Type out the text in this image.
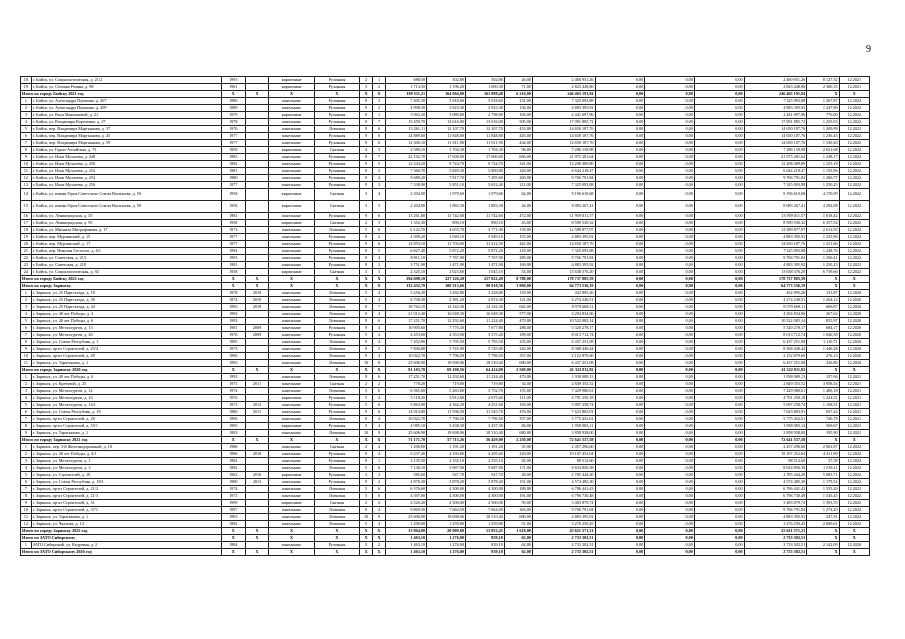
9
18	г. Бийск, ул. Социалистическая, д. 21/2	1993		кирпичные	Рулонная	2	1	688,50	302,80	302,80	26,00	2 460 951,26	0,00	0,00	0,00	2 460 951,26	8 127,32	12.2021
19	г. Бийск, ул. Степана Разина, д. 98	1961		кирпичные	Рулонная	3	2	1 714,50	1 196,20	1 000,30	71,00	2 823 448,86	0,00	0,00	0,00	2 823 448,86	2 360,35	12.2021
Итого по городу Бийску 2021 год		Х	Х	Х	Х	Х	Х	199 511,21	164 004,00	161 888,40	6 216,00	246 465 191,84	0,00	0,00	0,00	246 465 191,84	Х	Х
1	г. Бийск, ул. Александра Пушкина, д. 207	1989		панельные	Рулонная	9	3	7 405,30	5 918,60	5 918,60	231,00	7 325 093,88	0,00	0,00	0,00	7 325 093,88	1 267,87	12.2022
2	г. Бийск, ул. Александра Пушкина, д. 209	1989		панельные	Рулонная	9	2	4 998,30	3 923,30	3 923,30	156,00	4 883 395,92	0,00	0,00	0,00	4 883 395,92	1 247,99	12.2022
3	г. Бийск, ул. Васи Максимовой, д. 21	1979		кирпичные	Рулонная	9	1	3 963,20	3 089,80	2 798,80	104,00	2 441 697,96	0,00	0,00	0,00	2 441 697,96	776,00	12.2022
4	г. Бийск, ул. Владимира Короленко, д. 27	1978		панельные	Рулонная	9	7	15 459,70	13 616,00	13 616,00	505,00	17 091 885,72	0,00	0,00	0,00	17 091 885,72	1 255,03	12.2022
5	г. Бийск, пер. Владимира Мартьянова, д. 37	1976		панельные	Лотковая	9	6	13 261,11	12 107,70	12 107,70	453,00	14 650 187,76	0,00	0,00	0,00	14 650 187,76	1 209,99	12.2022
6	г. Бийск, пер. Владимира Мартьянова, д. 45	1977		панельные	Рулонная	9	6	14 889,60	11 848,80	11 848,80	445,00	14 650 187,76	0,00	0,00	0,00	14 650 187,76	1 236,43	12.2022
7	г. Бийск, пер. Владимира Мартьянова, д. 59	1977		панельные	Рулонная	9	6	12 306,10	11 011,90	11 011,90	434,00	14 650 187,76	0,00	0,00	0,00	14 650 187,76	1 330,40	12.2022
8	г. Бийск, ул. Горно-Алтайская, д. 73	1959		кирпичные	Скатная	4	3	2 580,10	1 704,30	1 704,30	96,00	7 286 139,98	0,00	0,00	0,00	7 286 139,98	2 821,68	12.2022
9	г. Бийск, ул. Ильи Мухачева, д. 248	1983		панельные	Рулонная	9	7	22 102,70	17 600,00	17 600,00	666,00	21 975 281,64	0,00	0,00	0,00	21 975 281,64	1 248,17	12.2022
10	г. Бийск, ул. Ильи Мухачева, д. 250	1982		панельные	Рулонная	9	5	12 244,20	9 724,70	9 724,70	341,00	12 208 489,80	0,00	0,00	0,00	12 208 489,80	1 255,18	12.2022
11	г. Бийск, ул. Ильи Мухачева, д. 252	1981		панельные	Рулонная	9	3	7 360,70	5 849,30	5 800,80	220,00	6 644 218,47	0,00	0,00	0,00	6 644 218,47	1 135,96	12.2022
12	г. Бийск, ул. Ильи Мухачева, д. 254	1980		панельные	Рулонная	9	4	9 689,20	7 817,70	7 495,60	269,00	9 766 791,84	0,00	0,00	0,00	9 766 791,84	1 260,77	12.2022
13	г. Бийск, ул. Ильи Мухачева, д. 256	1977		панельные	Рулонная	9	3	7 338,90	5 851,10	5 652,40	211,00	7 325 093,88	0,00	0,00	0,00	7 325 093,88	1 250,25	12.2022
14	г. Бийск, ул. имени Героя Советского Союза Васильева, д. 50	1958		кирпичные	Скатная	3	4	2 204,90	1 979,60	1 979,60	62,00	9 196 610,68	0,00	0,00	0,00	9 196 610,68	4 170,99	12.2022
15	г. Бийск, ул. имени Героя Советского Союза Васильева, д. 58	1958		кирпичные	Скатная	3	3	2 204,90	1 883,30	1 883,30	44,00	8 083 267,41	0,00	0,00	0,00	8 083 267,41	4 292,08	12.2022
16	г. Бийск, ул. Ленинградская, д. 35	1981		панельные	Рулонная	9	6	13 261,80	11 742,60	11 742,60	472,00	11 959 011,57	0,00	0,00	0,00	13 959 011,57	1 018,42	12.2022
17	г. Бийск, ул. Ленинградская, д. 95	1958		кирпичные	Скатная	2	3	1 352,30	890,10	890,10	43,00	8 590 530,32	0,00	0,00	0,00	8 590 530,32	6 357,54	12.2022
18	г. Бийск, ул. Михаила Митрофанова, д. 17	1973		панельные	Лотковая	5	6	6 122,70	4 655,70	3 771,00	139,00	12 589 877,97	0,00	0,00	0,00	12 589 877,97	2 612,93	12.2022
19	г. Бийск, пер. Мурзинский, д. 15	1977		панельные	Рулонная	9	2	4 399,20	3 949,10	3 949,10	155,00	4 883 395,92	0,00	0,00	0,00	4 883 395,92	1 235,96	12.2022
20	г. Бийск, пер. Мурзинский, д. 17	1977		панельные	Рулонная	9	6	14 853,10	11 704,00	11 412,50	442,00	14 650 187,76	0,00	0,00	0,00	14 650 187,76	1 251,66	12.2022
21	г. Бийск, пер. Николая Гастелло, д. 6/1	1994		панельные	Рулонная	9	5	6 627,40	5 872,20	5 872,20	218,00	7 325 093,88	0,00	0,00	0,00	7 325 093,88	1 248,76	12.2022
22	г. Бийск, ул. Советская, д. 213	1993		панельные	Рулонная	9	4	8 811,10	7 767,90	7 767,90	289,00	9 766 791,84	0,00	0,00	0,00	9 766 791,84	1 256,41	12.2022
23	г. Бийск, ул. Советская, д. 218	1981		панельные	Рулонная	9	2	3 751,90	1 471,90	1 471,90	169,00	4 883 395,92	0,00	0,00	0,00	4 883 395,92	1 250,23	12.2022
24	г. Бийск, ул. Социалистическая, д. 92	1958		кирпичные	Скатная	3	3	2 325,10	2 023,60	1 045,10	54,00	13 638 376,20	0,00	0,00	0,00	13 638 376,20	6 739,66	12.2022
Итого по городу Бийску 2022 год		Х	Х	Х	Х	Х	Х	294 698,10	227 126,28	217 822,49	8 788,00	178 737 885,59	0,00	0,00	0,00	178 737 885,59	Х	Х
Итого по городу Заринску		Х	Х	Х	Х	Х	Х	132 432,70	100 313,66	90 918,56	3 969,00	64 773 536,19	0,00	0,00	0,00	64 773 536,19	Х	Х
1	г. Заринск, ул. 25 Партсъезда, д. 18	1978	2018	панельные	Лотковая	5	4	3 256,20	3 282,80	3 228,80	159,00	432 895,26	0,00	0,00	0,00	432 895,26	131,87	12.2020
2	г. Заринск, ул. 25 Партсъезда, д. 30	1974	2010	панельные	Лотковая	5	4	4 708,30	3 381,20	2 874,30	121,00	4 274 240,51	0,00	0,00	0,00	4 274 240,51	1 264,12	12.2020
3	г. Заринск, ул. 25 Партсъезда, д. 44	1993	2019	панельные	Лотковая	9	7	18 762,10	14 142,30	14 142,30	642,00	8 579 668,11	0,00	0,00	0,00	8 579 668,11	606,67	12.2020
4	г. Заринск, ул. 40 лет Победы, д. 4	1992		панельные	Лотковая	9	4	21 012,40	16 048,30	16 048,30	577,00	4 294 834,06	0,00	0,00	0,00	4 294 834,06	267,62	12.2020
5	г. Заринск, ул. 40 лет Победы, д. 6	1993		панельные	Лотковая	9	6	17 251,70	12 292,60	11 224,40	479,00	10 522 085,14	0,00	0,00	0,00	10 522 085,14	855,97	12.2020
6	г. Заринск, ул. Металлургов, д. 13	1981	2009	панельные	Рулонная	9	4	10 005,60	7 776,30	7 677,80	288,00	5 320 278,17	0,00	0,00	0,00	5 320 278,17	684,17	12.2020
7	г. Заринск, ул. Металлургов, д. 20	1976	2009	панельные	Рулонная	5	2	4 453,00	4 353,90	3 375,20	189,00	8 013 712,74	0,00	0,00	0,00	8 013 712,74	1 840,58	12.2020
8	г. Заринск, ул. Союза Республик, д. 1	1995		панельные	Лотковая	9	4	7 452,90	5 795,50	5 795,50	235,00	6 437 251,08	0,00	0,00	0,00	6 437 251,08	1 110,71	12.2020
9	г. Заринск, пр-кт Строителей, д. 25/4	1975		панельные	Лотковая	9	5	7 840,80	5 745,90	5 745,90	242,00	8 308 440,44	0,00	0,00	0,00	8 308 440,44	1 446,28	12.2020
10	г. Заринск, пр-кт Строителей, д. 28	1996		панельные	Лотковая	9	4	10 022,70	7 796,50	7 796,50	357,00	2 152 879,60	0,00	0,00	0,00	2 152 879,60	276,13	12.2020
11	г. Заринск, ул. Таратынова, д. 1	1993		панельные	Лотковая	10	9	25 606,90	19 698,06	18 510,40	680,00	6 437 251,08	0,00	0,00	0,00	6 437 251,08	326,80	12.2020
Итого по городу Заринску 2020 год		Х	Х	Х	Х	Х	Х	91 103,70	69 100,56	64 414,00	2 569,00	41 322 811,82	0,00	0,00	0,00	41 322 811,82	Х	Х
1	г. Заринск, ул. 40 лет Победы, д. 6	1993		панельные	Лотковая	9	6	17 251,70	12 292,60	11 224,40	479,00	1 938 089,13	0,00	0,00	0,00	1 938 089,13	157,66	12.2021
2	г. Заринск, ул. Кретовой, д. 25	1975	2011	панельные	Скатная	2	2	778,20	719,80	719,80	34,00	2 849 355,52	0,00	0,00	0,00	2 849 355,52	3 958,54	12.2021
3	г. Заринск, ул. Металлургов, д. 12	1974		панельные	Лотковая	5	6	6 565,00	5 283,80	3 752,70	155,00	7 429 980,61	0,00	0,00	0,00	7 429 980,61	1 406,18	12.2021
4	г. Заринск, ул. Металлургов, д. 14	1976		кирпичные	Рулонная	5	4	5 118,20	3 912,80	2 675,60	111,00	4 791 250,18	0,00	0,00	0,00	4 791 250,18	1 224,51	12.2021
5	г. Заринск, ул. Металлургов, д. 14/1	1973	2012	панельные	Рулонная	5	6	5 863,90	4 362,20	4 251,60	193,00	5 097 258,74	0,00	0,00	0,00	5 097 258,74	1 168,51	12.2021
6	г. Заринск, ул. Союза Республик, д. 18	1980	2011	панельные	Рулонная	9	6	14 914,80	11 596,50	11 545,70	476,00	7 623 803,91	0,00	0,00	0,00	7 623 803,91	657,42	12.2021
7	г. Заринск, пр-кт Строителей, д. 28	1996		панельные	Лотковая	9	4	10 022,70	7 796,50	7 796,50	357,00	5 775 452,61	0,00	0,00	0,00	5 775 452,61	740,78	12.2021
8	г. Заринск, пр-кт Строителей, д. 35/1	1995		кирпичные	Рулонная	5	4	4 985,10	3 438,30	3 437,30	84,00	1 958 083,12	0,00	0,00	0,00	1 958 083,12	569,67	12.2021
9	г. Заринск, ул. Таратынова, д. 1	1993		панельные	Лотковая	10	9	25 606,90	19 698,06	18 510,40	680,00	3 858 938,00	0,00	0,00	0,00	3 858 938,00	195,90	12.2021
Итого по городу Заринску 2021 год		Х	Х	Х	Х	Х	Х	71 171,70	57 713,26	56 459,00	2 250,00	72 641 537,58	0,00	0,00	0,00	72 641 537,58	Х	Х
1	г. Заринск, пер. 3-й Железнодорожный, д. 10	1986		панельные	Скатная	2	4	1 200,00	1 191,20	1 191,20	55,00	2 457 296,60	0,00	0,00	0,00	2 457 296,60	2 062,87	12.2022
2	г. Заринск, ул. 40 лет Победы, д. 4/1	1996	2018	панельные	Рулонная	9	4	6 237,40	4 330,80	4 295,60	220,00	19 107 452,64	0,00	0,00	0,00	19 107 452,64	4 411,99	12.2022
3	г. Заринск, ул. Металлургов, д. 1	1982		панельные	Рулонная	9	1	3 135,50	2 335,10	2 335,10	92,00	88 512,60	0,00	0,00	0,00	88 512,60	37,58	12.2022
4	г. Заринск, ул. Металлургов, д. 3	1982		панельные	Лотковая	5	6	7 136,10	5 687,90	5 687,90	171,00	8 634 856,38	0,00	0,00	0,00	8 634 856,38	1 518,11	12.2022
5	г. Заринск, ул. Строителей, д. 10	1962	2016	кирпичные	Рулонная	3	2	585,60	547,70	547,70	28,00	2 785 444,20	0,00	0,00	0,00	2 785 444,20	5 085,71	12.2022
6	г. Заринск, ул. Союза Республик, д. 18/1	1980	2013	панельные	Рулонная	9	2	4 878,30	3 878,20	3 878,20	151,00	4 574 485,30	0,00	0,00	0,00	4 574 485,30	1 179,54	12.2022
7	г. Заринск, пр-кт Строителей, д. 21/2	1974		панельные	Лотковая	5	6	6 376,60	4 300,00	4 300,00	189,00	6 786 441,43	0,00	0,00	0,00	6 786 441,43	1 555,20	12.2022
8	г. Заринск, пр-кт Строителей, д. 21/3	1973		панельные	Лотковая	5	6	4 397,00	4 300,00	4 300,00	191,00	6 796 730,48	0,00	0,00	0,00	6 796 730,48	1 545,45	12.2022
9	г. Заринск, пр-кт Строителей, д. 31	1999		кирпичные	Скатная	2	2	2 520,20	2 500,00	2 500,00	59,00	3 483 879,74	0,00	0,00	0,00	3 483 879,74	1 393,55	12.2022
10	г. Заринск, пр-кт Строителей, д. 37/1	1997		панельные	Лотковая	9	4	9 869,50	7 664,50	7 664,00	363,00	9 766 791,84	0,00	0,00	0,00	9 766 791,84	1 274,29	12.2022
11	г. Заринск, ул. Таратынова, д. 1	1993		панельные	Лотковая	10	9	25 606,90	19 698,06	18 510,40	680,00	4 883 395,92	0,00	0,00	0,00	4 883 395,92	247,91	12.2022
12	г. Заринск, ул. Чкалова, д. 14	1982		панельные	Лотковая	5	4	1 290,00	1 259,80	1 259,80	51,00	3 276 250,45	0,00	0,00	0,00	3 276 250,45	2 600,61	12.2022
Итого по городу Заринску 2022 год		Х	Х	Х	Х	Х	Х	33 864,80	28 909,88	13 852,45	1 618,00	25 621 571,21	0,00	0,00	0,00	25 621 571,21	Х	Х
Итого по ЗАТО Сибирскому		Х	Х	Х	Х	Х	Х	1 463,10	1 276,00	839,10	62,00	2 733 302,51	0,00	0,00	0,00	2 733 302,51	Х	Х
1	ЗАТО Сибирский, ул. Кедровая, д. 2	1984		панельные	Рулонная	5	2	1 463,10	1 276,00	839,10	62,00	2 733 302,51	0,00	0,00	0,00	2 733 302,51	2 142,09	12.2020
Итого по ЗАТО Сибирскому 2020 год		Х	Х	Х	Х	Х	Х	1 463,10	1 276,00	839,10	62,00	2 733 302,51	0,00	0,00	0,00	2 733 302,51	Х	Х
